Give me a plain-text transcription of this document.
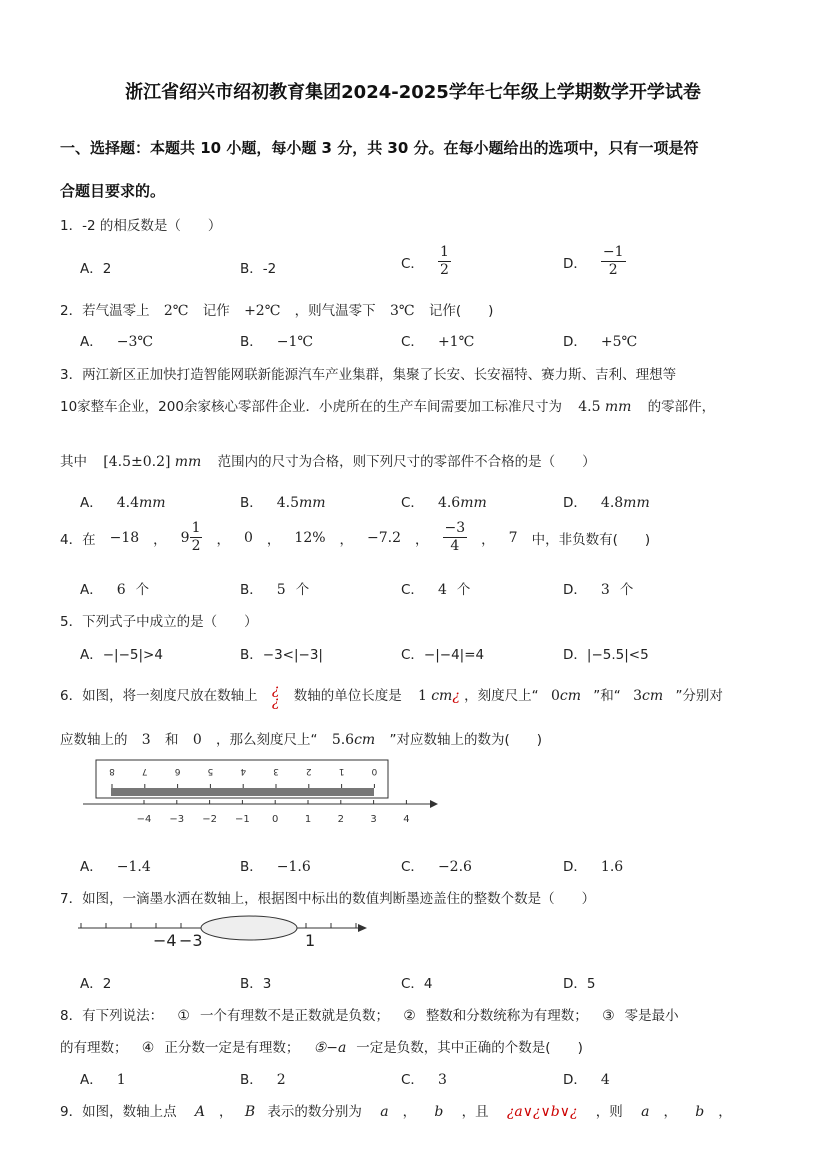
浙江省绍兴市绍初教育集团2024-2025学年七年级上学期数学开学试卷
一、选择题：本题共 10 小题，每小题 3 分，共 30 分。在每小题给出的选项中，只有一项是符
合题目要求的。
1．-2 的相反数是（　　）
A．2	B．-2	C． $\frac{1}{2}$	D． $\frac{-1}{2}$
2．若气温零上 2℃ 记作 +2℃ ，则气温零下 3℃ 记作(　　)
A． −3℃	B． −1℃	C． +1℃	D． +5℃
3．两江新区正加快打造智能网联新能源汽车产业集群，集聚了长安、长安福特、赛力斯、吉利、理想等
10家整车企业，200余家核心零部件企业．小虎所在的生产车间需要加工标准尺寸为 4.5 mm 的零部件，
其中 [4.5±0.2] mm 范围内的尺寸为合格，则下列尺寸的零部件不合格的是（　　）
A． 4.4mm	B． 4.5mm	C． 4.6mm	D． 4.8mm
4．在 −18 ， $9 \frac{1}{2}$ ， 0 ， 12% ， −7.2 ， $\frac{-3}{4}$ ， 7 中，非负数有(　　)
A． 6 个	B． 5 个	C． 4 个	D． 3 个
5．下列式子中成立的是（　　）
A．−|−5|>4	B．−3<|−3|	C．−|−4|=4	D．|−5.5|<5
6．如图，将一刻度尺放在数轴上 ¿
¿ 数轴的单位长度是 1 cm¿ ，刻度尺上“ 0cm ”和“ 3cm ”分别对
应数轴上的 3 和 0 ，那么刻度尺上“ 5.6cm ”对应数轴上的数为(　　)
8	7	6	5	4	3	2	1	0
−4 −3 −2 −1 0	1	2	3	4
A． −1.4	B． −1.6	C． −2.6	D． 1.6
7．如图，一滴墨水洒在数轴上，根据图中标出的数值判断墨迹盖住的整数个数是（　　）
−4 −3	1
A．2	B．3	C．4	D．5
8．有下列说法： ① 一个有理数不是正数就是负数； ② 整数和分数统称为有理数； ③ 零是最小
的有理数； ④ 正分数一定是有理数； ⑤−a 一定是负数，其中正确的个数是(　　)
A． 1	B． 2	C． 3	D． 4
9．如图，数轴上点 A ， B 表示的数分别为 a ， b ，且 ¿a∨¿∨b∨¿ ，则 a ， b ，
